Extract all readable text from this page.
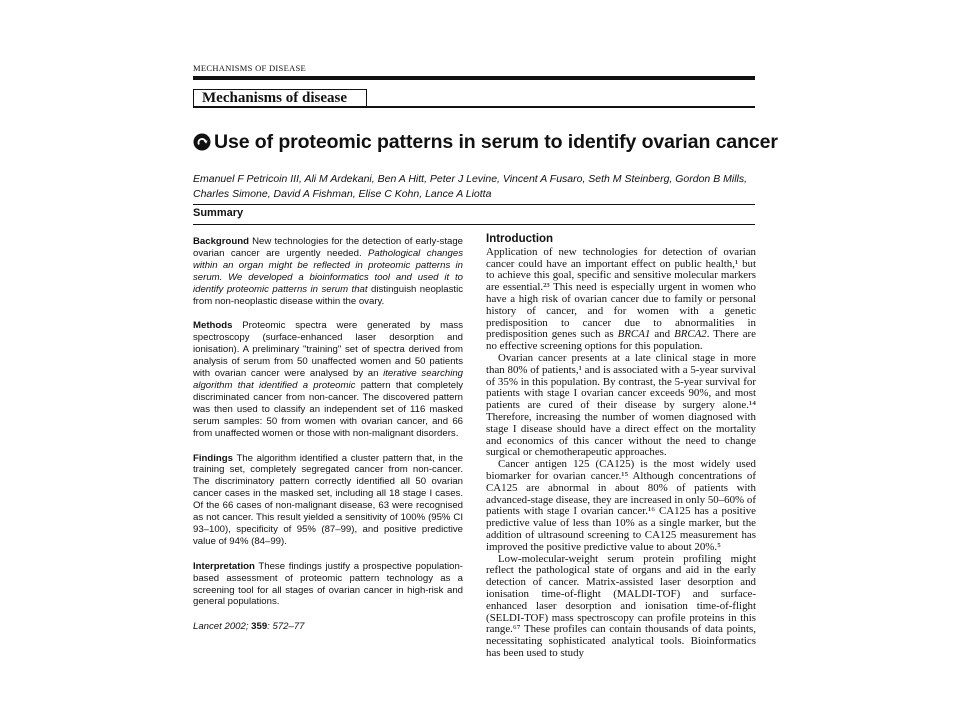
MECHANISMS OF DISEASE
Mechanisms of disease
Use of proteomic patterns in serum to identify ovarian cancer
Emanuel F Petricoin III, Ali M Ardekani, Ben A Hitt, Peter J Levine, Vincent A Fusaro, Seth M Steinberg, Gordon B Mills,
Charles Simone, David A Fishman, Elise C Kohn, Lance A Liotta
Summary

Background New technologies for the detection of early-stage ovarian cancer are urgently needed. Pathological changes within an organ might be reflected in proteomic patterns in serum. We developed a bioinformatics tool and used it to identify proteomic patterns in serum that distinguish neoplastic from non-neoplastic disease within the ovary.

Methods Proteomic spectra were generated by mass spectroscopy (surface-enhanced laser desorption and ionisation). A preliminary "training" set of spectra derived from analysis of serum from 50 unaffected women and 50 patients with ovarian cancer were analysed by an iterative searching algorithm that identified a proteomic pattern that completely discriminated cancer from non-cancer. The discovered pattern was then used to classify an independent set of 116 masked serum samples: 50 from women with ovarian cancer, and 66 from unaffected women or those with non-malignant disorders.

Findings The algorithm identified a cluster pattern that, in the training set, completely segregated cancer from non-cancer. The discriminatory pattern correctly identified all 50 ovarian cancer cases in the masked set, including all 18 stage I cases. Of the 66 cases of non-malignant disease, 63 were recognised as not cancer. This result yielded a sensitivity of 100% (95% CI 93–100), specificity of 95% (87–99), and positive predictive value of 94% (84–99).

Interpretation These findings justify a prospective population-based assessment of proteomic pattern technology as a screening tool for all stages of ovarian cancer in high-risk and general populations.

Lancet 2002; 359: 572–77

Introduction

Application of new technologies for detection of ovarian cancer could have an important effect on public health,¹ but to achieve this goal, specific and sensitive molecular markers are essential.²³ This need is especially urgent in women who have a high risk of ovarian cancer due to family or personal history of cancer, and for women with a genetic predisposition to cancer due to abnormalities in predisposition genes such as BRCA1 and BRCA2. There are no effective screening options for this population.

Ovarian cancer presents at a late clinical stage in more than 80% of patients,¹ and is associated with a 5-year survival of 35% in this population. By contrast, the 5-year survival for patients with stage I ovarian cancer exceeds 90%, and most patients are cured of their disease by surgery alone.¹⁴ Therefore, increasing the number of women diagnosed with stage I disease should have a direct effect on the mortality and economics of this cancer without the need to change surgical or chemotherapeutic approaches.

Cancer antigen 125 (CA125) is the most widely used biomarker for ovarian cancer.¹⁵ Although concentrations of CA125 are abnormal in about 80% of patients with advanced-stage disease, they are increased in only 50–60% of patients with stage I ovarian cancer.¹⁶ CA125 has a positive predictive value of less than 10% as a single marker, but the addition of ultrasound screening to CA125 measurement has improved the positive predictive value to about 20%.⁵

Low-molecular-weight serum protein profiling might reflect the pathological state of organs and aid in the early detection of cancer. Matrix-assisted laser desorption and ionisation time-of-flight (MALDI-TOF) and surface-enhanced laser desorption and ionisation time-of-flight (SELDI-TOF) mass spectroscopy can profile proteins in this range.⁶⁷ These profiles can contain thousands of data points, necessitating sophisticated analytical tools. Bioinformatics has been used to study
